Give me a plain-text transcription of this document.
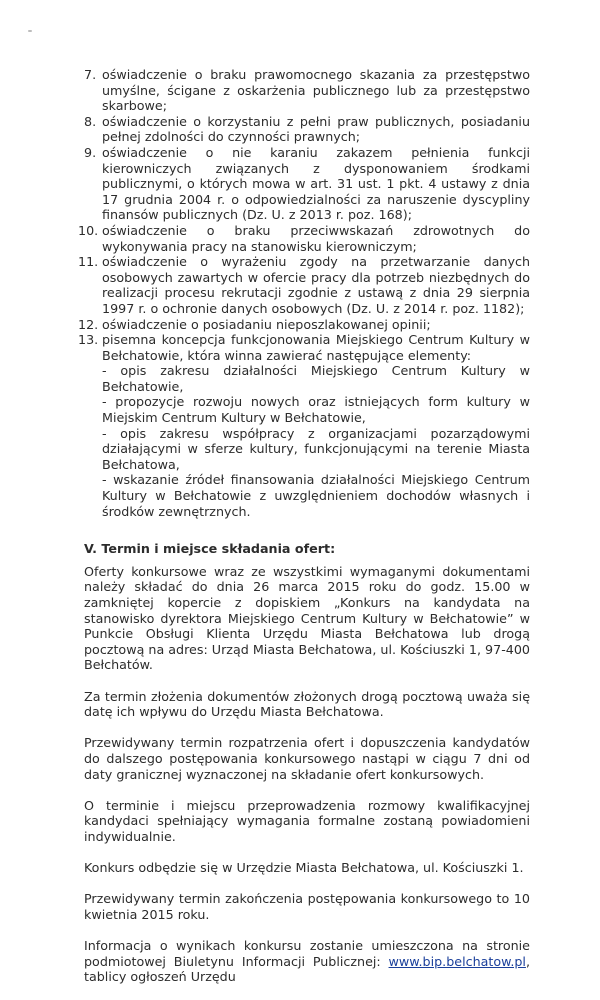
7. oświadczenie o braku prawomocnego skazania za przestępstwo umyślne, ścigane z oskarżenia publicznego lub za przestępstwo skarbowe;
8. oświadczenie o korzystaniu z pełni praw publicznych, posiadaniu pełnej zdolności do czynności prawnych;
9. oświadczenie o nie karaniu zakazem pełnienia funkcji kierowniczych związanych z dysponowaniem środkami publicznymi, o których mowa w art. 31 ust. 1 pkt. 4 ustawy z dnia 17 grudnia 2004 r. o odpowiedzialności za naruszenie dyscypliny finansów publicznych (Dz. U. z 2013 r. poz. 168);
10. oświadczenie o braku przeciwwskazań zdrowotnych do wykonywania pracy na stanowisku kierowniczym;
11. oświadczenie o wyrażeniu zgody na przetwarzanie danych osobowych zawartych w ofercie pracy dla potrzeb niezbędnych do realizacji procesu rekrutacji zgodnie z ustawą z dnia 29 sierpnia 1997 r. o ochronie danych osobowych (Dz. U. z 2014 r. poz. 1182);
12. oświadczenie o posiadaniu nieposzlakowanej opinii;
13. pisemna koncepcja funkcjonowania Miejskiego Centrum Kultury w Bełchatowie, która winna zawierać następujące elementy:
- opis zakresu działalności Miejskiego Centrum Kultury w Bełchatowie,
- propozycje rozwoju nowych oraz istniejących form kultury w Miejskim Centrum Kultury w Bełchatowie,
- opis zakresu współpracy z organizacjami pozarządowymi działającymi w sferze kultury, funkcjonującymi na terenie Miasta Bełchatowa,
- wskazanie źródeł finansowania działalności Miejskiego Centrum Kultury w Bełchatowie z uwzględnieniem dochodów własnych i środków zewnętrznych.
V. Termin i miejsce składania ofert:

Oferty konkursowe wraz ze wszystkimi wymaganymi dokumentami należy składać do dnia 26 marca 2015 roku do godz. 15.00 w zamkniętej kopercie z dopiskiem „Konkurs na kandydata na stanowisko dyrektora Miejskiego Centrum Kultury w Bełchatowie” w Punkcie Obsługi Klienta Urzędu Miasta Bełchatowa lub drogą pocztową na adres: Urząd Miasta Bełchatowa, ul. Kościuszki 1, 97-400 Bełchatów.

Za termin złożenia dokumentów złożonych drogą pocztową uważa się datę ich wpływu do Urzędu Miasta Bełchatowa.

Przewidywany termin rozpatrzenia ofert i dopuszczenia kandydatów do dalszego postępowania konkursowego nastąpi w ciągu 7 dni od daty granicznej wyznaczonej na składanie ofert konkursowych.

O terminie i miejscu przeprowadzenia rozmowy kwalifikacyjnej kandydaci spełniający wymagania formalne zostaną powiadomieni indywidualnie.

Konkurs odbędzie się w Urzędzie Miasta Bełchatowa, ul. Kościuszki 1.

Przewidywany termin zakończenia postępowania konkursowego to 10 kwietnia 2015 roku.

Informacja o wynikach konkursu zostanie umieszczona na stronie podmiotowej Biuletynu Informacji Publicznej: www.bip.belchatow.pl, tablicy ogłoszeń Urzędu
